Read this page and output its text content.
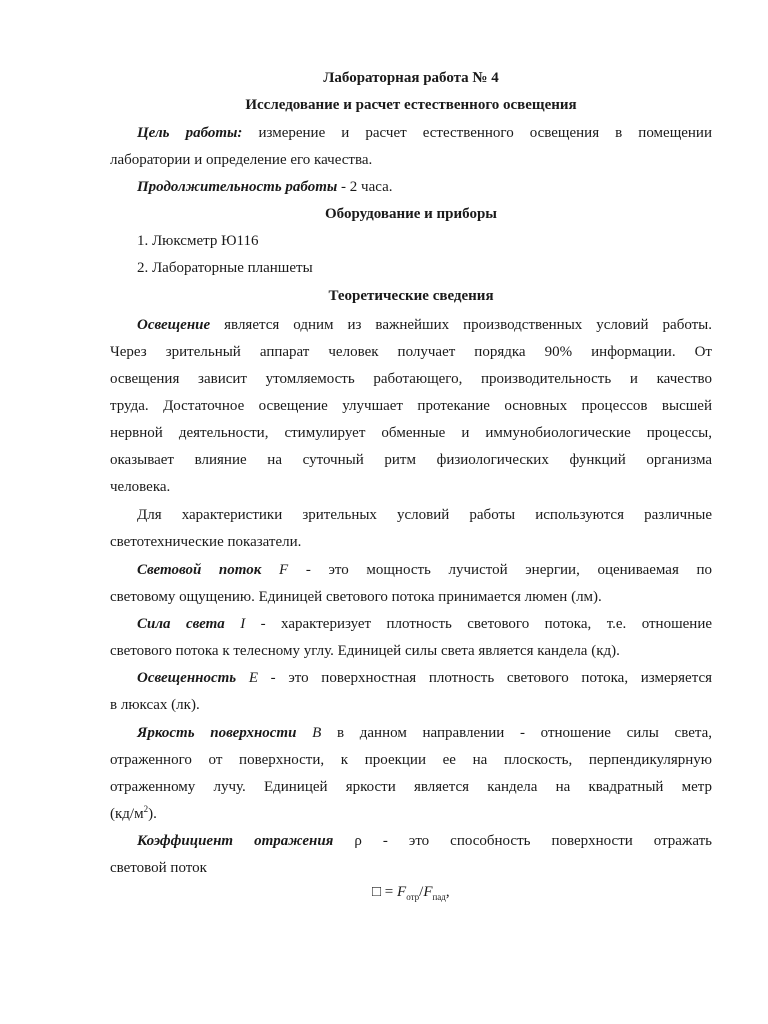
Лабораторная работа № 4
Исследование и расчет естественного освещения
Цель работы: измерение и расчет естественного освещения в помещении
лаборатории и определение его качества.
Продолжительность работы - 2 часа.
Оборудование и приборы
1. Люксметр Ю116
2. Лабораторные планшеты
Теоретические сведения
Освещение является одним из важнейших производственных условий работы.
Через зрительный аппарат человек получает порядка 90% информации. От
освещения зависит утомляемость работающего, производительность и качество
труда. Достаточное освещение улучшает протекание основных процессов высшей
нервной деятельности, стимулирует обменные и иммунобиологические процессы,
оказывает влияние на суточный ритм физиологических функций организма
человека.
Для характеристики зрительных условий работы используются различные
светотехнические показатели.
Световой поток F - это мощность лучистой энергии, оцениваемая по
световому ощущению. Единицей светового потока принимается люмен (лм).
Сила света I - характеризует плотность светового потока, т.е. отношение
светового потока к телесному углу. Единицей силы света является кандела (кд).
Освещенность E - это поверхностная плотность светового потока, измеряется
в люксах (лк).
Яркость поверхности B в данном направлении - отношение силы света,
отраженного от поверхности, к проекции ее на плоскость, перпендикулярную
отраженному лучу. Единицей яркости является кандела на квадратный метр
$(кд/м^2)$.
Коэффициент отражения ρ - это способность поверхности отражать
световой поток
□ = $F_{отр}/F_{пад}$,
